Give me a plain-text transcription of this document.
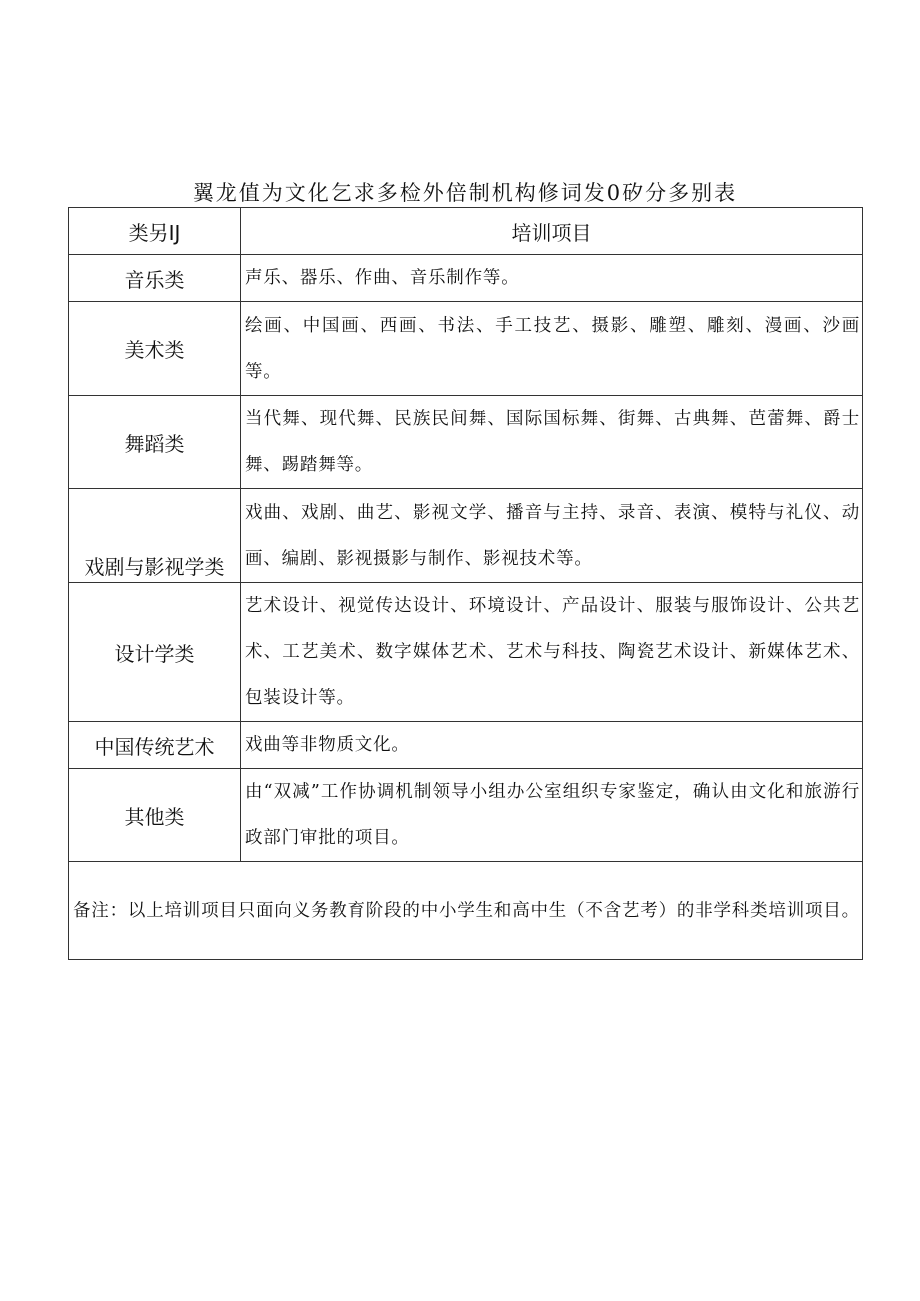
翼龙值为文化乞求多检外倍制机构修词发0矽分多别表
类另IJ	培训项目
音乐类	声乐、器乐、作曲、音乐制作等。
美术类	绘画、中国画、西画、书法、手工技艺、摄影、雕塑、雕刻、漫画、沙画等。
舞蹈类	当代舞、现代舞、民族民间舞、国际国标舞、街舞、古典舞、芭蕾舞、爵士舞、踢踏舞等。
戏剧与影视学类	戏曲、戏剧、曲艺、影视文学、播音与主持、录音、表演、模特与礼仪、动画、编剧、影视摄影与制作、影视技术等。
设计学类	艺术设计、视觉传达设计、环境设计、产品设计、服装与服饰设计、公共艺术、工艺美术、数字媒体艺术、艺术与科技、陶瓷艺术设计、新媒体艺术、包装设计等。
中国传统艺术	戏曲等非物质文化。
其他类	由“双减”工作协调机制领导小组办公室组织专家鉴定，确认由文化和旅游行政部门审批的项目。
备注：以上培训项目只面向义务教育阶段的中小学生和高中生（不含艺考）的非学科类培训项目。	
